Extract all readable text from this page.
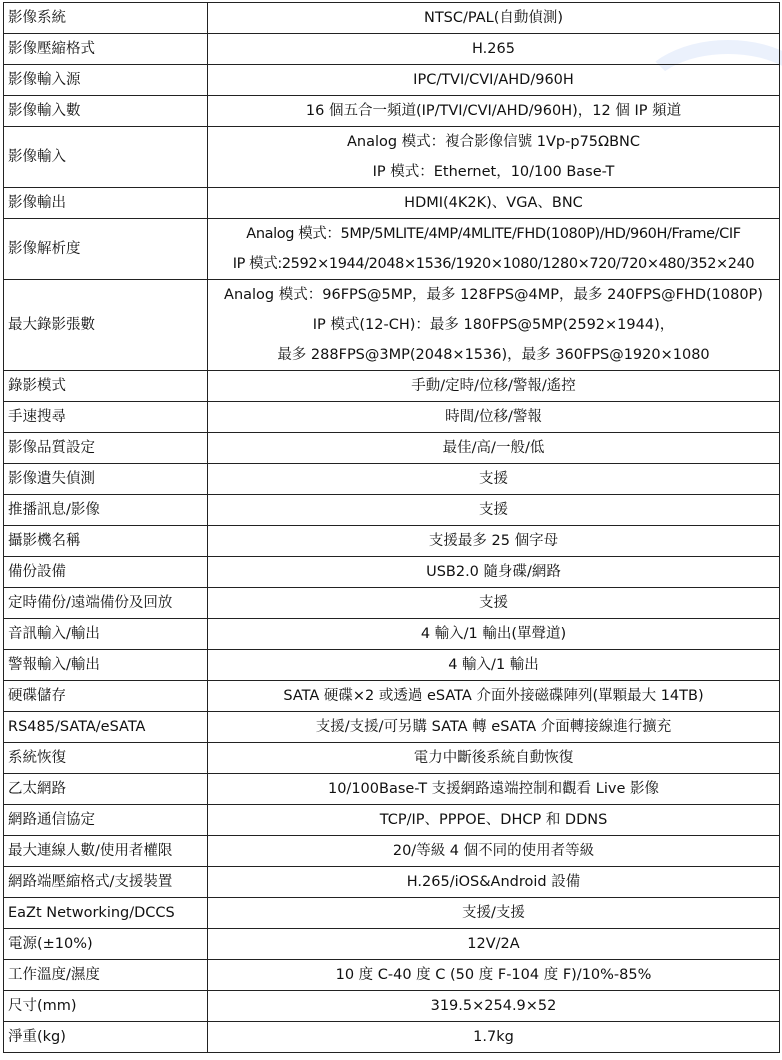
影像系統	NTSC/PAL(自動偵測)

影像壓縮格式	H.265

影像輸入源	IPC/TVI/CVI/AHD/960H

影像輸入數	16 個五合一頻道(IP/TVI/CVI/AHD/960H)，12 個 IP 頻道

影像輸入	Analog 模式：複合影像信號 1Vp-p75ΩBNC
IP 模式：Ethernet，10/100 Base-T

影像輸出	HDMI(4K2K)、VGA、BNC

影像解析度	Analog 模式：5MP/5MLITE/4MP/4MLITE/FHD(1080P)/HD/960H/Frame/CIF
IP 模式:2592×1944/2048×1536/1920×1080/1280×720/720×480/352×240

最大錄影張數	Analog 模式：96FPS@5MP，最多 128FPS@4MP，最多 240FPS@FHD(1080P)
IP 模式(12-CH)：最多 180FPS@5MP(2592×1944)，
最多 288FPS@3MP(2048×1536)，最多 360FPS@1920×1080

錄影模式	手動/定時/位移/警報/遙控

手速搜尋	時間/位移/警報

影像品質設定	最佳/高/一般/低

影像遺失偵測	支援

推播訊息/影像	支援

攝影機名稱	支援最多 25 個字母

備份設備	USB2.0 隨身碟/網路

定時備份/遠端備份及回放	支援

音訊輸入/輸出	4 輸入/1 輸出(單聲道)

警報輸入/輸出	4 輸入/1 輸出

硬碟儲存	SATA 硬碟×2 或透過 eSATA 介面外接磁碟陣列(單顆最大 14TB)

RS485/SATA/eSATA	支援/支援/可另購 SATA 轉 eSATA 介面轉接線進行擴充

系統恢復	電力中斷後系統自動恢復

乙太網路	10/100Base-T 支援網路遠端控制和觀看 Live 影像

網路通信協定	TCP/IP、PPPOE、DHCP 和 DDNS

最大連線人數/使用者權限	20/等級 4 個不同的使用者等級

網路端壓縮格式/支援裝置	H.265/iOS&Android 設備

EaZt Networking/DCCS	支援/支援

電源(±10%)	12V/2A

工作溫度/濕度	10 度 C-40 度 C (50 度 F-104 度 F)/10%-85%

尺寸(mm)	319.5×254.9×52

淨重(kg)	1.7kg
